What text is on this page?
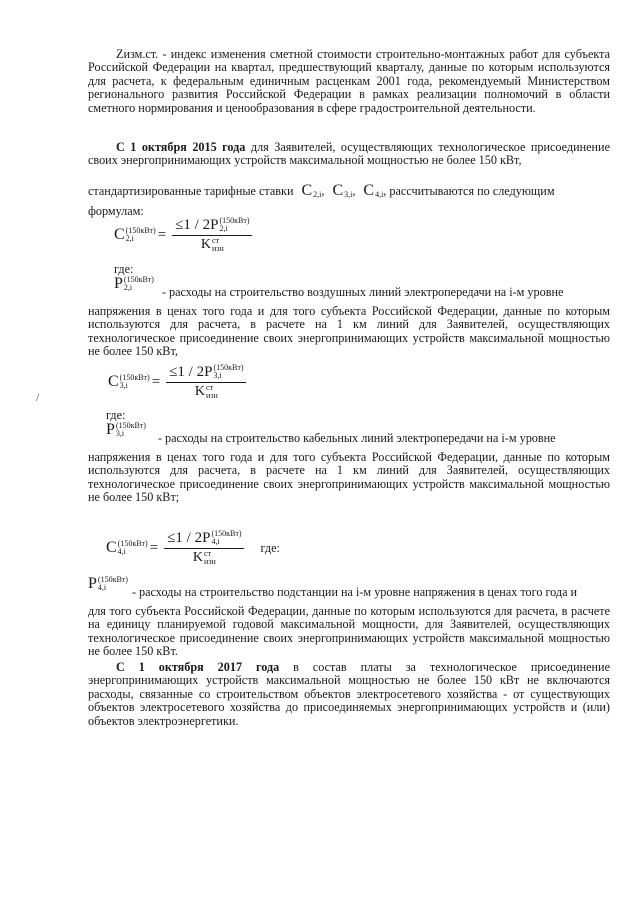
Zизм.ст. - индекс изменения сметной стоимости строительно-монтажных работ для субъекта Российской Федерации на квартал, предшествующий кварталу, данные по которым используются для расчета, к федеральным единичным расценкам 2001 года, рекомендуемый Министерством регионального развития Российской Федерации в рамках реализации полномочий в области сметного нормирования и ценообразования в сфере градостроительной деятельности.

С 1 октября 2015 года для Заявителей, осуществляющих технологическое присоединение своих энергопринимающих устройств максимальной мощностью не более 150 кВт,

стандартизированные тарифные ставки C
2,i , C
3,i , C
4,i , рассчитываются по следующим
формулам:
C (150кВт)
2,i	= ≤1 / 2P (150кВт)
2,i
K ст
изн
где:
P (150кВт)
2,i	- расходы на строительство воздушных линий электропередачи на i-м уровне

напряжения в ценах того года и для того субъекта Российской Федерации, данные по которым используются для расчета, в расчете на 1 км линий для Заявителей, осуществляющих технологическое присоединение своих энергопринимающих устройств максимальной мощностью не более 150 кВт,

C (150кВт)
3,i	= ≤1 / 2P (150кВт)
3,i
K ст
изн
/
где:
P (150кВт)
3,i	- расходы на строительство кабельных линий электропередачи на i-м уровне

напряжения в ценах того года и для того субъекта Российской Федерации, данные по которым используются для расчета, в расчете на 1 км линий для Заявителей, осуществляющих технологическое присоединение своих энергопринимающих устройств максимальной мощностью не более 150 кВт;

C (150кВт)
4,i	= ≤1 / 2P (150кВт)
4,i
K ст
изн где:
P (150кВт)
4,i	- расходы на строительство подстанции на i-м уровне напряжения в ценах того года и

для того субъекта Российской Федерации, данные по которым используются для расчета, в расчете на единицу планируемой годовой максимальной мощности, для Заявителей, осуществляющих технологическое присоединение своих энергопринимающих устройств максимальной мощностью не более 150 кВт.

С 1 октября 2017 года в состав платы за технологическое присоединение энергопринимающих устройств максимальной мощностью не более 150 кВт не включаются расходы, связанные со строительством объектов электросетевого хозяйства - от существующих объектов электросетевого хозяйства до присоединяемых энергопринимающих устройств и (или) объектов электроэнергетики.
